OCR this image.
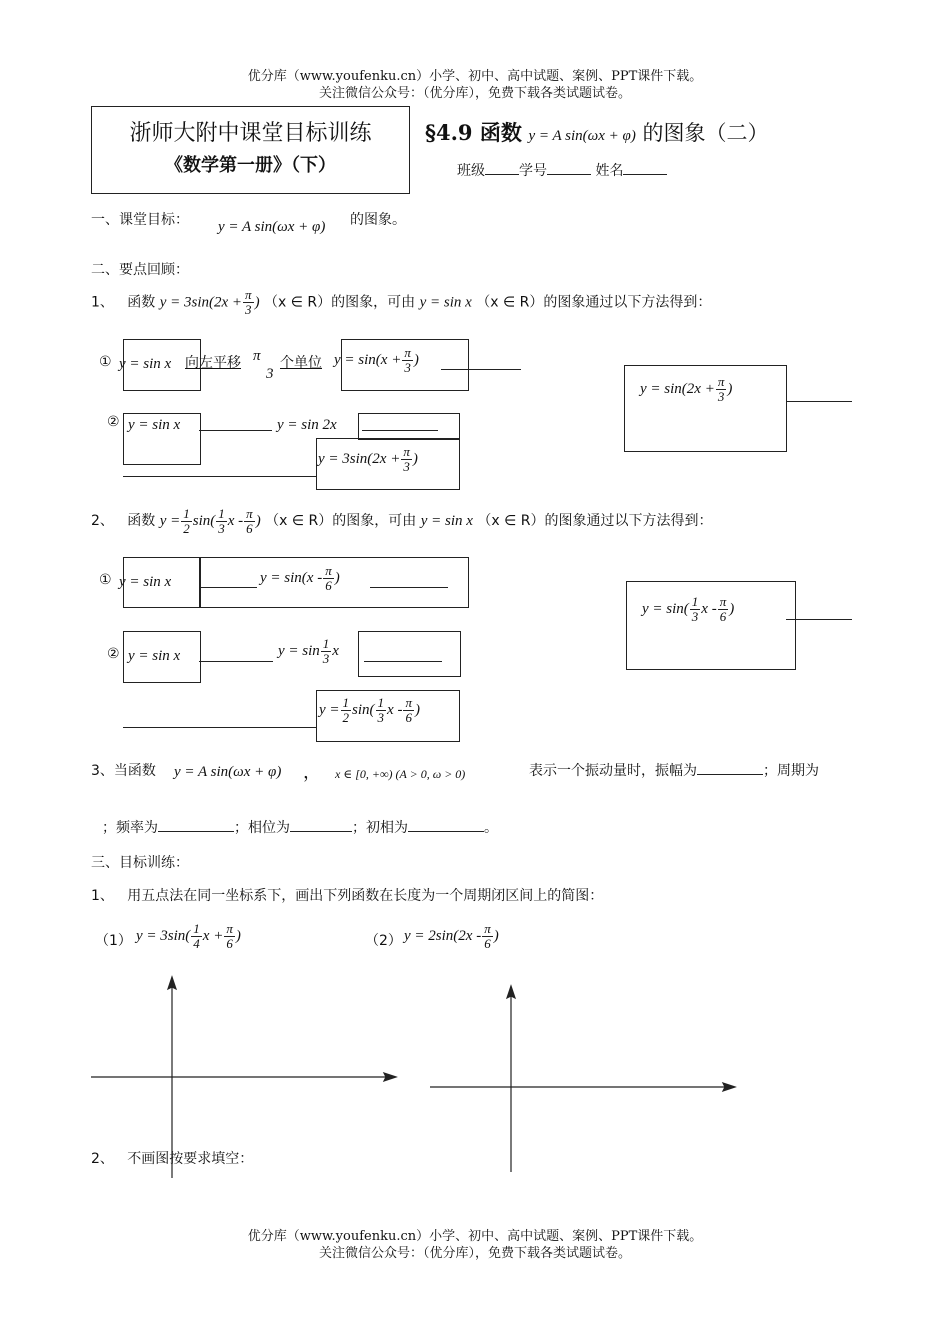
优分库（www.youfenku.cn）小学、初中、高中试题、案例、PPT课件下载。
关注微信公众号：（优分库），免费下载各类试题试卷。
浙师大附中课堂目标训练
《数学第一册》（下）
§4.9 函数 y = A sin(ωx + φ) 的图象（二）
班级 学号	姓名
一、课堂目标： y = A sin(ωx + φ) 的图象。
二、要点回顾：
1、 函数 $y = 3\sin(2x + \frac{\pi}{3}$ ) （x ∈ R）的图象，可由 y = sin x （x ∈ R）的图象通过以下方法得到：
① y = sin x 向左平移 π
3
个单位 $y = \sin(x + \frac{\pi}{3}$ )
② y = sin x	y = sin 2x
$y = 3\sin(2x + \frac{\pi}{3}$ )
$y = \sin(2x + \frac{\pi}{3}$ )
2、 函数 $y = \frac{1}{2} \sin( \frac{1}{3}$ x - $\frac{\pi}{6}$ ) （x ∈ R）的图象，可由 y = sin x （x ∈ R）的图象通过以下方法得到：
① y = sin x	$y = \sin(x - \frac{\pi}{6}$ )
② y = sin x	$y = \sin \frac{1}{3}$ x
$y = \frac{1}{2} \sin( \frac{1}{3}$ x - $\frac{\pi}{6}$ )
$y = \sin( \frac{1}{3}$ x - $\frac{\pi}{6}$ )
3、当函数 y = A sin(ωx + φ) ， x ∈ [0, +∞) (A > 0, ω > 0)	表示一个振动量时，振幅为	；周期为
；频率为	；相位为	；初相为	。
三、目标训练：
1、 用五点法在同一坐标系下，画出下列函数在长度为一个周期闭区间上的简图：
（1） $y = 3\sin( \frac{1}{4}$ $x + \frac{\pi}{6}$ )	（2） $y = 2\sin(2x - \frac{\pi}{6}$ )
2、 不画图按要求填空：
优分库（www.youfenku.cn）小学、初中、高中试题、案例、PPT课件下载。
关注微信公众号：（优分库），免费下载各类试题试卷。
